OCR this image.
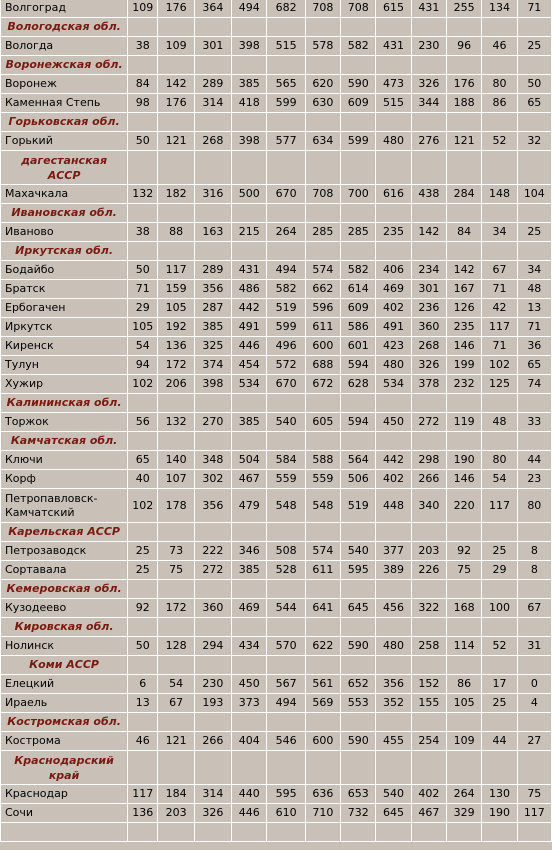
Волгоград	109	176	364	494	682	708	708	615	431	255	134	71
Вологодская обл.												
Вологда	38	109	301	398	515	578	582	431	230	96	46	25
Воронежская обл.												
Воронеж	84	142	289	385	565	620	590	473	326	176	80	50
Каменная Степь	98	176	314	418	599	630	609	515	344	188	86	65
Горьковская обл.												
Горький	50	121	268	398	577	634	599	480	276	121	52	32
дагестанская АССР												
Махачкала	132	182	316	500	670	708	700	616	438	284	148	104
Ивановская обл.												
Иваново	38	88	163	215	264	285	285	235	142	84	34	25
Иркутская обл.												
Бодайбо	50	117	289	431	494	574	582	406	234	142	67	34
Братск	71	159	356	486	582	662	614	469	301	167	71	48
Ербогачен	29	105	287	442	519	596	609	402	236	126	42	13
Иркутск	105	192	385	491	599	611	586	491	360	235	117	71
Киренск	54	136	325	446	496	600	601	423	268	146	71	36
Тулун	94	172	374	454	572	688	594	480	326	199	102	65
Хужир	102	206	398	534	670	672	628	534	378	232	125	74
Калининская обл.												
Торжок	56	132	270	385	540	605	594	450	272	119	48	33
Камчатская обл.												
Ключи	65	140	348	504	584	588	564	442	298	190	80	44
Корф	40	107	302	467	559	559	506	402	266	146	54	23
Петропавловск-Камчатский	102	178	356	479	548	548	519	448	340	220	117	80
Карельская АССР												
Петрозаводск	25	73	222	346	508	574	540	377	203	92	25	8
Сортавала	25	75	272	385	528	611	595	389	226	75	29	8
Кемеровская обл.												
Кузодеево	92	172	360	469	544	641	645	456	322	168	100	67
Кировская обл.												
Нолинск	50	128	294	434	570	622	590	480	258	114	52	31
Коми АССР												
Елецкий	6	54	230	450	567	561	652	356	152	86	17	0
Ираель	13	67	193	373	494	569	553	352	155	105	25	4
Костромская обл.												
Кострома	46	121	266	404	546	600	590	455	254	109	44	27
Краснодарский край												
Краснодар	117	184	314	440	595	636	653	540	402	264	130	75
Сочи	136	203	326	446	610	710	732	645	467	329	190	117
